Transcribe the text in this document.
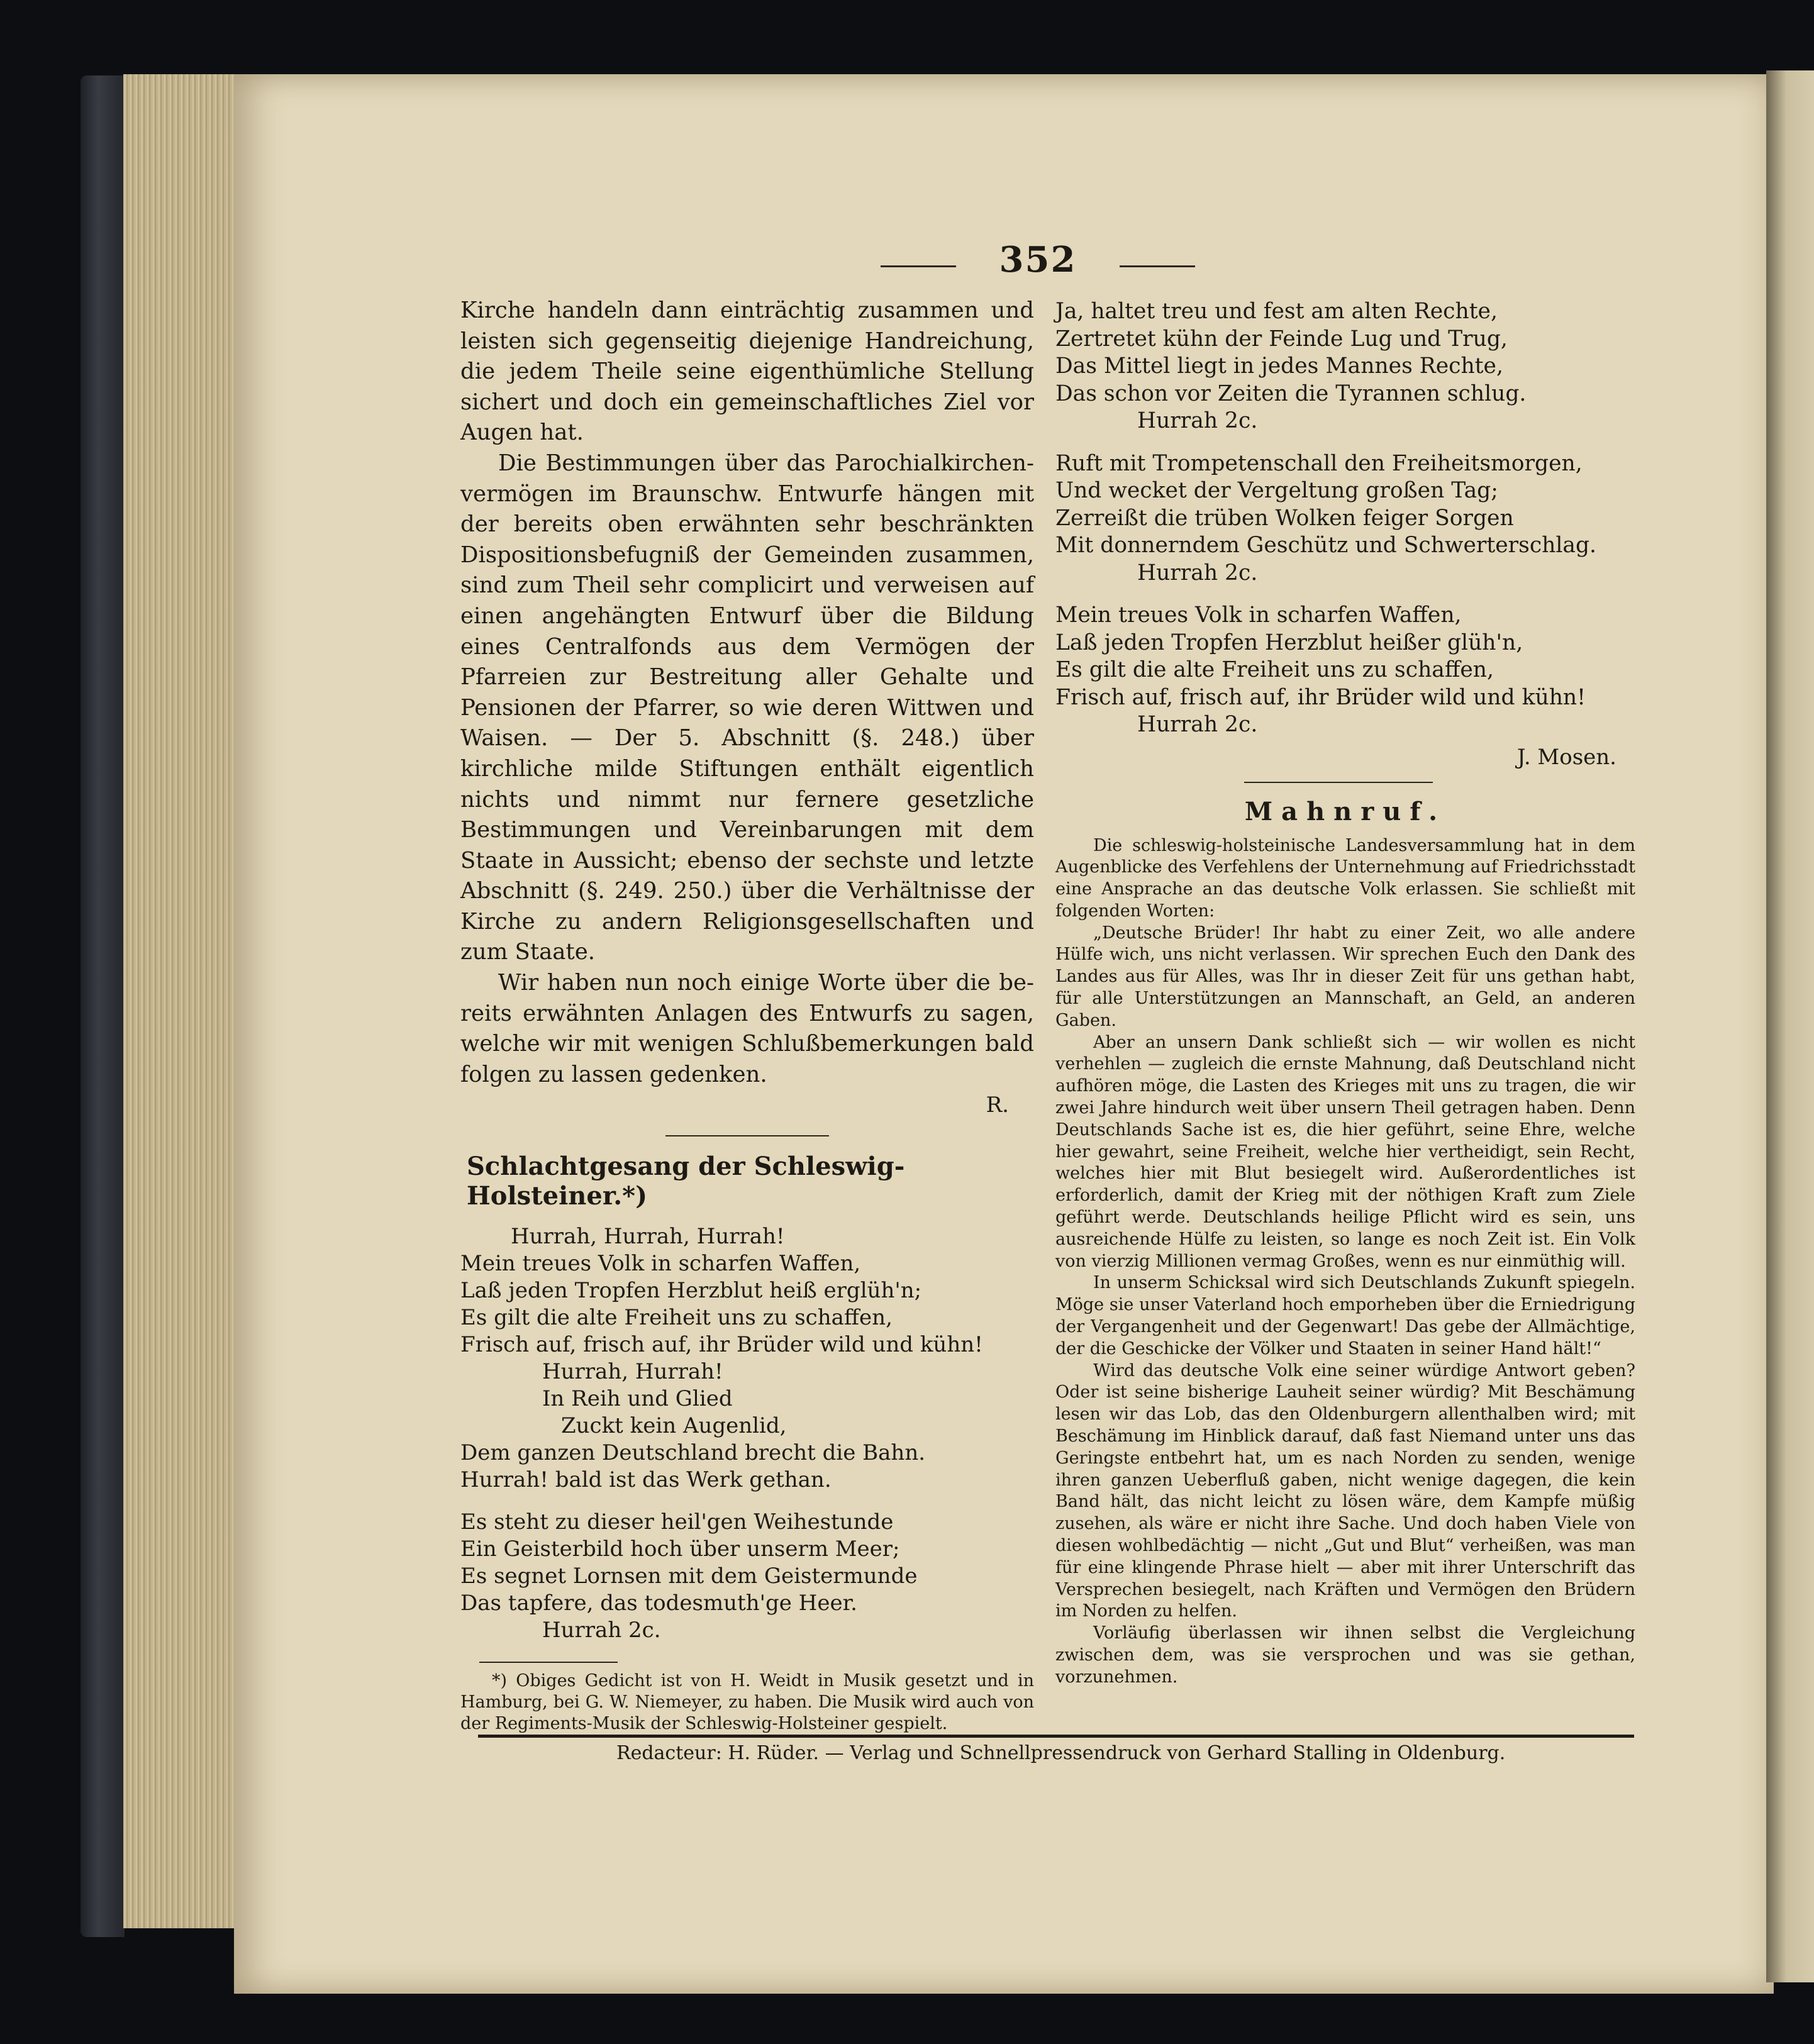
352

Kirche handeln dann einträchtig zusammen und leisten sich gegenseitig diejenige Handreichung, die jedem Theile seine eigenthümliche Stellung sichert und doch ein gemeinschaftliches Ziel vor Augen hat.

Die Bestimmungen über das Parochialkirchenvermögen im Braunschw. Entwurfe hängen mit der bereits oben erwähnten sehr beschränkten Dispositionsbefugniß der Gemeinden zusammen, sind zum Theil sehr complicirt und verweisen auf einen angehängten Entwurf über die Bildung eines Centralfonds aus dem Vermögen der Pfarreien zur Bestreitung aller Gehalte und Pensionen der Pfarrer, so wie deren Wittwen und Waisen. — Der 5. Abschnitt (§. 248.) über kirchliche milde Stiftungen enthält eigentlich nichts und nimmt nur fernere gesetzliche Bestimmungen und Vereinbarungen mit dem Staate in Aussicht; ebenso der sechste und letzte Abschnitt (§. 249. 250.) über die Verhältnisse der Kirche zu andern Religionsgesellschaften und zum Staate.

Wir haben nun noch einige Worte über die bereits erwähnten Anlagen des Entwurfs zu sagen, welche wir mit wenigen Schlußbemerkungen bald folgen zu lassen gedenken.

R.
Schlachtgesang der Schleswig-Holsteiner.*)
Hurrah, Hurrah, Hurrah!
Mein treues Volk in scharfen Waffen,
Laß jeden Tropfen Herzblut heiß erglüh'n;
Es gilt die alte Freiheit uns zu schaffen,
Frisch auf, frisch auf, ihr Brüder wild und kühn!
Hurrah, Hurrah!
In Reih und Glied
Zuckt kein Augenlid,
Dem ganzen Deutschland brecht die Bahn.
Hurrah! bald ist das Werk gethan.
Es steht zu dieser heil'gen Weihestunde
Ein Geisterbild hoch über unserm Meer;
Es segnet Lornsen mit dem Geistermunde
Das tapfere, das todesmuth'ge Heer.
Hurrah 2c.
*) Obiges Gedicht ist von H. Weidt in Musik gesetzt und in Hamburg, bei G. W. Niemeyer, zu haben. Die Musik wird auch von der Regiments-Musik der Schleswig-Holsteiner gespielt.
Ja, haltet treu und fest am alten Rechte,
Zertretet kühn der Feinde Lug und Trug,
Das Mittel liegt in jedes Mannes Rechte,
Das schon vor Zeiten die Tyrannen schlug.
Hurrah 2c.
Ruft mit Trompetenschall den Freiheitsmorgen,
Und wecket der Vergeltung großen Tag;
Zerreißt die trüben Wolken feiger Sorgen
Mit donnerndem Geschütz und Schwerterschlag.
Hurrah 2c.
Mein treues Volk in scharfen Waffen,
Laß jeden Tropfen Herzblut heißer glüh'n,
Es gilt die alte Freiheit uns zu schaffen,
Frisch auf, frisch auf, ihr Brüder wild und kühn!
Hurrah 2c.
J. Mosen.
Mahnruf.

Die schleswig-holsteinische Landesversammlung hat in dem Augenblicke des Verfehlens der Unternehmung auf Friedrichsstadt eine Ansprache an das deutsche Volk erlassen. Sie schließt mit folgenden Worten:

„Deutsche Brüder! Ihr habt zu einer Zeit, wo alle andere Hülfe wich, uns nicht verlassen. Wir sprechen Euch den Dank des Landes aus für Alles, was Ihr in dieser Zeit für uns gethan habt, für alle Unterstützungen an Mannschaft, an Geld, an anderen Gaben.

Aber an unsern Dank schließt sich — wir wollen es nicht verhehlen — zugleich die ernste Mahnung, daß Deutschland nicht aufhören möge, die Lasten des Krieges mit uns zu tragen, die wir zwei Jahre hindurch weit über unsern Theil getragen haben. Denn Deutschlands Sache ist es, die hier geführt, seine Ehre, welche hier gewahrt, seine Freiheit, welche hier vertheidigt, sein Recht, welches hier mit Blut besiegelt wird. Außerordentliches ist erforderlich, damit der Krieg mit der nöthigen Kraft zum Ziele geführt werde. Deutschlands heilige Pflicht wird es sein, uns ausreichende Hülfe zu leisten, so lange es noch Zeit ist. Ein Volk von vierzig Millionen vermag Großes, wenn es nur einmüthig will.

In unserm Schicksal wird sich Deutschlands Zukunft spiegeln. Möge sie unser Vaterland hoch emporheben über die Erniedrigung der Vergangenheit und der Gegenwart! Das gebe der Allmächtige, der die Geschicke der Völker und Staaten in seiner Hand hält!“

Wird das deutsche Volk eine seiner würdige Antwort geben? Oder ist seine bisherige Lauheit seiner würdig? Mit Beschämung lesen wir das Lob, das den Oldenburgern allenthalben wird; mit Beschämung im Hinblick darauf, daß fast Niemand unter uns das Geringste entbehrt hat, um es nach Norden zu senden, wenige ihren ganzen Ueberfluß gaben, nicht wenige dagegen, die kein Band hält, das nicht leicht zu lösen wäre, dem Kampfe müßig zusehen, als wäre er nicht ihre Sache. Und doch haben Viele von diesen wohlbedächtig — nicht „Gut und Blut“ verheißen, was man für eine klingende Phrase hielt — aber mit ihrer Unterschrift das Versprechen besiegelt, nach Kräften und Vermögen den Brüdern im Norden zu helfen.

Vorläufig überlassen wir ihnen selbst die Vergleichung zwischen dem, was sie versprochen und was sie gethan, vorzunehmen.

Redacteur: H. Rüder. — Verlag und Schnellpressendruck von Gerhard Stalling in Oldenburg.
